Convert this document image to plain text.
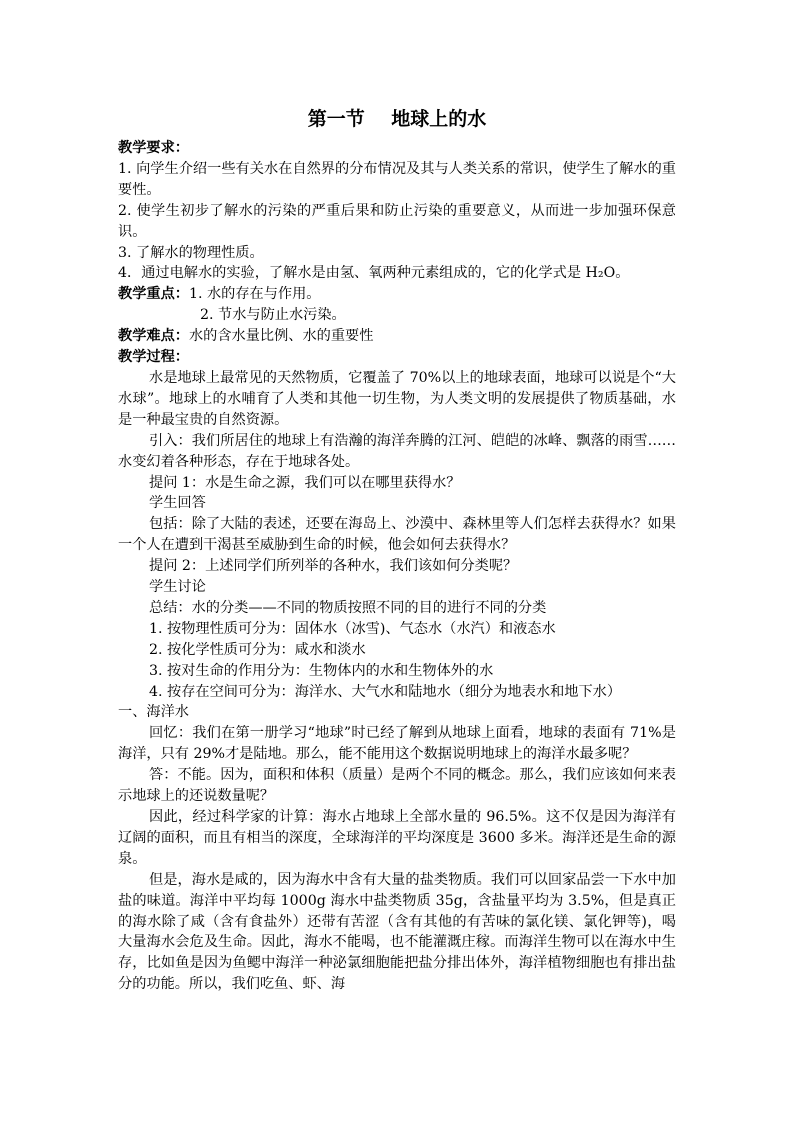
第一节    地球上的水

教学要求：

1. 向学生介绍一些有关水在自然界的分布情况及其与人类关系的常识，使学生了解水的重要性。

2. 使学生初步了解水的污染的严重后果和防止污染的重要意义，从而进一步加强环保意识。

3. 了解水的物理性质。

4．通过电解水的实验，了解水是由氢、氧两种元素组成的，它的化学式是 H₂O。

教学重点：1. 水的存在与作用。

2. 节水与防止水污染。

教学难点：水的含水量比例、水的重要性

教学过程：

水是地球上最常见的天然物质，它覆盖了 70%以上的地球表面，地球可以说是个“大水球”。地球上的水哺育了人类和其他一切生物，为人类文明的发展提供了物质基础，水是一种最宝贵的自然资源。

引入：我们所居住的地球上有浩瀚的海洋奔腾的江河、皑皑的冰峰、飘落的雨雪……水变幻着各种形态，存在于地球各处。

提问 1：水是生命之源，我们可以在哪里获得水？

学生回答

包括：除了大陆的表述，还要在海岛上、沙漠中、森林里等人们怎样去获得水？如果一个人在遭到干渴甚至威胁到生命的时候，他会如何去获得水？

提问 2：上述同学们所列举的各种水，我们该如何分类呢？

学生讨论

总结：水的分类——不同的物质按照不同的目的进行不同的分类

1. 按物理性质可分为：固体水（冰雪)、气态水（水汽）和液态水

2. 按化学性质可分为：咸水和淡水

3. 按对生命的作用分为：生物体内的水和生物体外的水

4. 按存在空间可分为：海洋水、大气水和陆地水（细分为地表水和地下水）

一、海洋水

回忆：我们在第一册学习“地球”时已经了解到从地球上面看，地球的表面有 71%是海洋，只有 29%才是陆地。那么，能不能用这个数据说明地球上的海洋水最多呢？

答：不能。因为，面积和体积（质量）是两个不同的概念。那么，我们应该如何来表示地球上的还说数量呢？

因此，经过科学家的计算：海水占地球上全部水量的 96.5%。这不仅是因为海洋有辽阔的面积，而且有相当的深度，全球海洋的平均深度是 3600 多米。海洋还是生命的源泉。

但是，海水是咸的，因为海水中含有大量的盐类物质。我们可以回家品尝一下水中加盐的味道。海洋中平均每 1000g 海水中盐类物质 35g，含盐量平均为 3.5%，但是真正的海水除了咸（含有食盐外）还带有苦涩（含有其他的有苦味的氯化镁、氯化钾等)，喝大量海水会危及生命。因此，海水不能喝，也不能灌溉庄稼。而海洋生物可以在海水中生存，比如鱼是因为鱼鳃中海洋一种泌氯细胞能把盐分排出体外，海洋植物细胞也有排出盐分的功能。所以，我们吃鱼、虾、海
